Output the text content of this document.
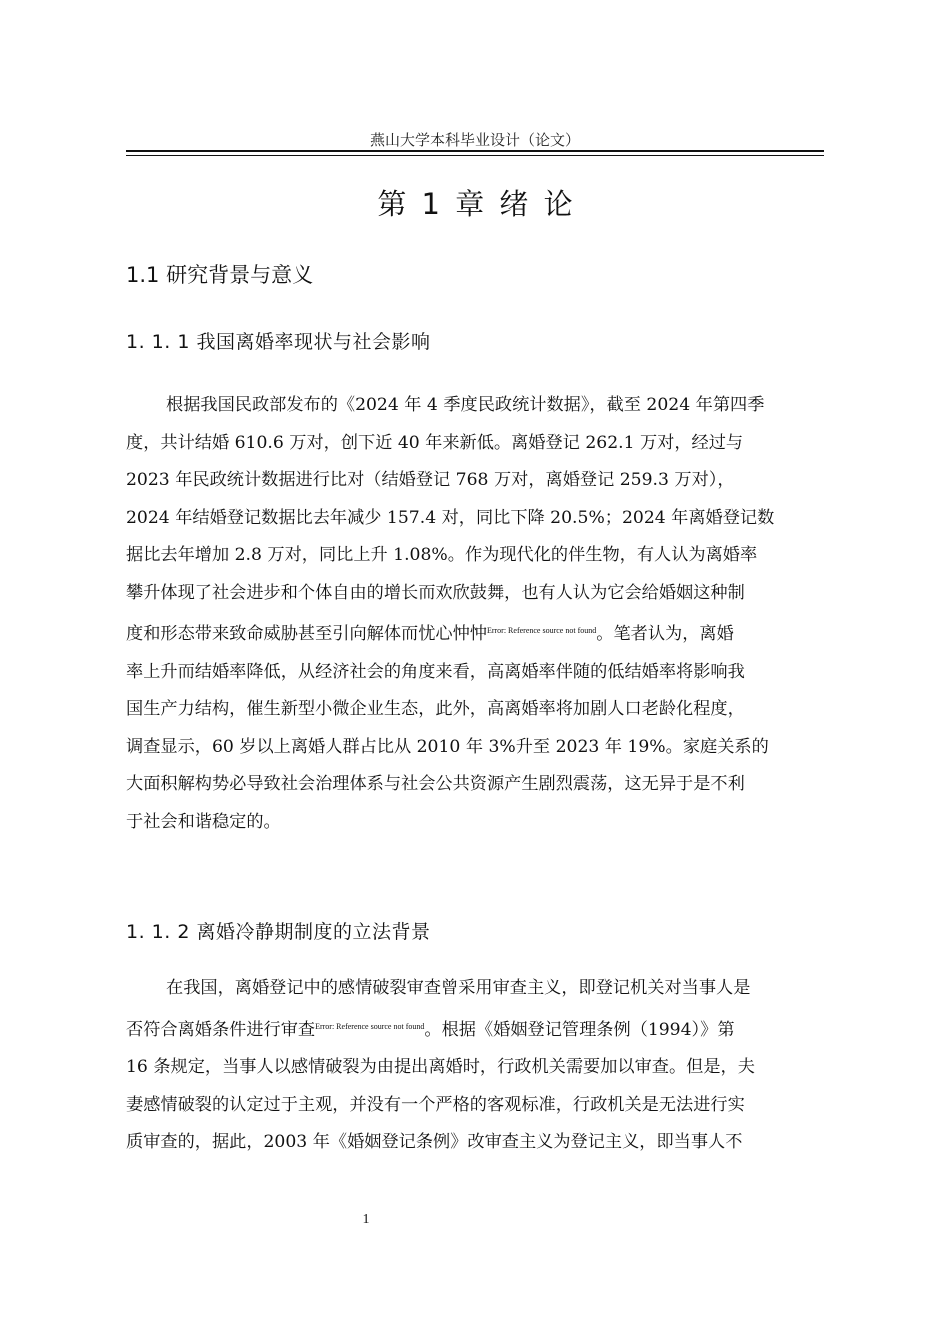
燕山大学本科毕业设计（论文）
第 1 章 绪 论
1.1 研究背景与意义
1. 1. 1 我国离婚率现状与社会影响
根据我国民政部发布的《2024 年 4 季度民政统计数据》，截至 2024 年第四季
度，共计结婚 610.6 万对，创下近 40 年来新低。离婚登记 262.1 万对，经过与
2023 年民政统计数据进行比对（结婚登记 768 万对，离婚登记 259.3 万对），
2024 年结婚登记数据比去年减少 157.4 对，同比下降 20.5%；2024 年离婚登记数
据比去年增加 2.8 万对，同比上升 1.08%。作为现代化的伴生物，有人认为离婚率
攀升体现了社会进步和个体自由的增长而欢欣鼓舞，也有人认为它会给婚姻这种制
度和形态带来致命威胁甚至引向解体而忧心忡忡$^{Error: Reference source not found}$。笔者认为，离婚
率上升而结婚率降低，从经济社会的角度来看，高离婚率伴随的低结婚率将影响我
国生产力结构，催生新型小微企业生态，此外，高离婚率将加剧人口老龄化程度，
调查显示，60 岁以上离婚人群占比从 2010 年 3%升至 2023 年 19%。家庭关系的
大面积解构势必导致社会治理体系与社会公共资源产生剧烈震荡，这无异于是不利
于社会和谐稳定的。
1. 1. 2 离婚冷静期制度的立法背景
在我国，离婚登记中的感情破裂审查曾采用审查主义，即登记机关对当事人是
否符合离婚条件进行审查$^{Error: Reference source not found}$。根据《婚姻登记管理条例（1994）》第
16 条规定，当事人以感情破裂为由提出离婚时，行政机关需要加以审查。但是，夫
妻感情破裂的认定过于主观，并没有一个严格的客观标准，行政机关是无法进行实
质审查的，据此，2003 年《婚姻登记条例》改审查主义为登记主义，即当事人不
1
